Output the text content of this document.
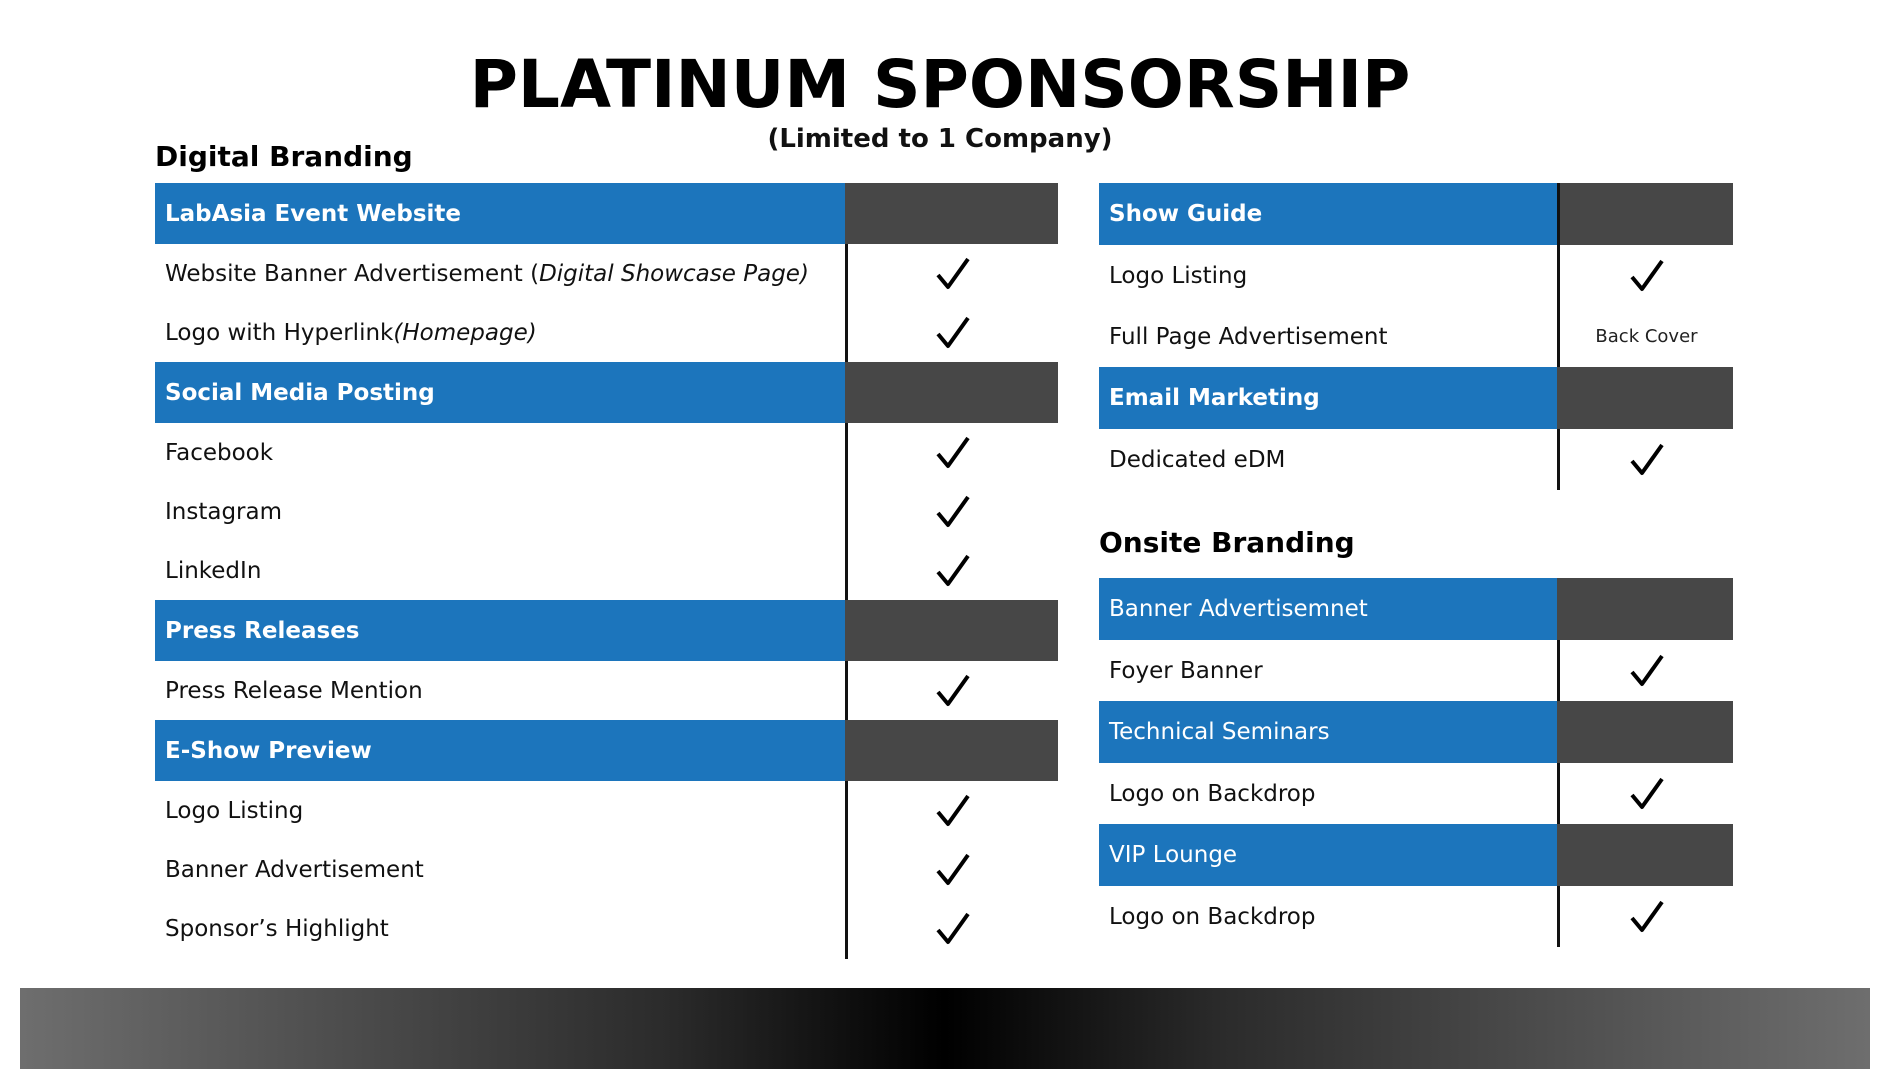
PLATINUM SPONSORSHIP
(Limited to 1 Company)
Digital Branding
LabAsia Event Website
Website Banner Advertisement ( Digital Showcase Page)
Logo with Hyperlink (Homepage)
Social Media Posting
Facebook
Instagram
LinkedIn
Press Releases
Press Release Mention
E-Show Preview
Logo Listing
Banner Advertisement
Sponsor’s Highlight
Show Guide
Logo Listing
Full Page Advertisement	Back Cover
Email Marketing
Dedicated eDM
Onsite Branding
Banner Advertisemnet
Foyer Banner
Technical Seminars
Logo on Backdrop
VIP Lounge
Logo on Backdrop
